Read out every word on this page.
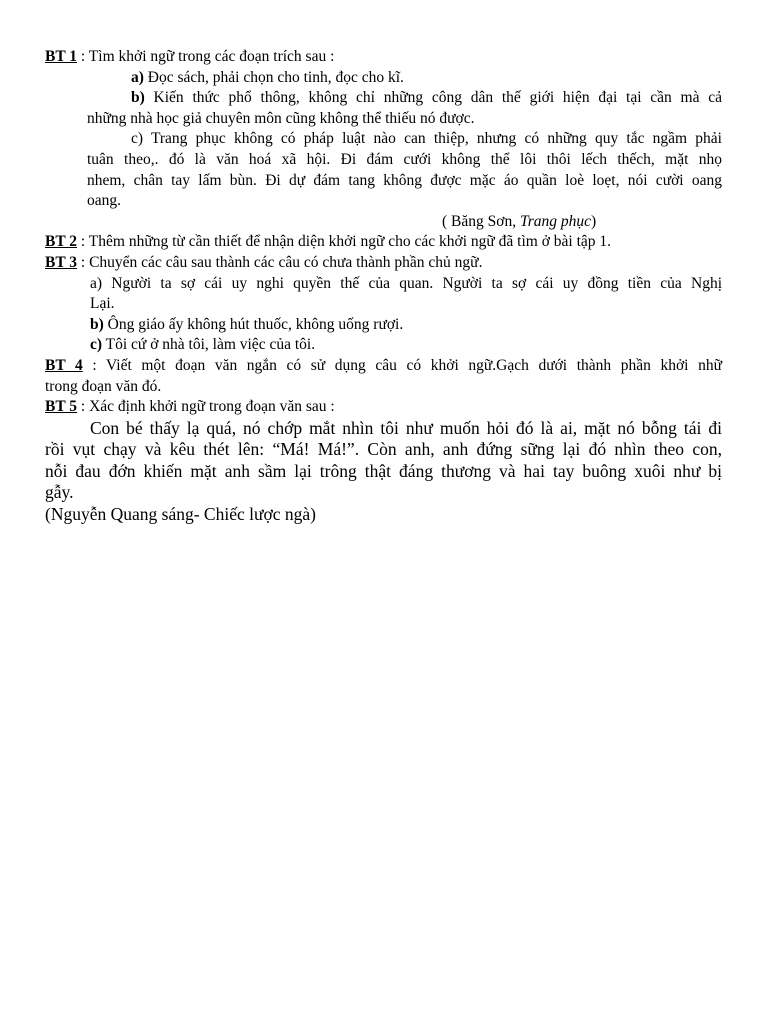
BT 1 : Tìm khởi ngữ trong các đoạn trích sau :
a) Đọc sách, phải chọn cho tinh, đọc cho kĩ.
b) Kiến thức phổ thông, không chỉ những công dân thế giới hiện đại tại cần mà cả
những nhà học giả chuyên môn cũng không thể thiếu nó được.
c) Trang phục không có pháp luật nào can thiệp, nhưng có những quy tắc ngầm phải
tuân theo,. đó là văn hoá xã hội. Đi đám cưới không thể lôi thôi lếch thếch, mặt nhọ
nhem, chân tay lấm bùn. Đi dự đám tang không được mặc áo quần loè loẹt, nói cười oang
oang.
( Băng Sơn, Trang phục)
BT 2 : Thêm những từ cần thiết để nhận diện khởi ngữ cho các khởi ngữ đã tìm ở bài tập 1.
BT 3 : Chuyển các câu sau thành các câu có chưa thành phần chủ ngữ.
a) Người ta sợ cái uy nghi quyền thế của quan. Người ta sợ cái uy đồng tiền của Nghị
Lại.
b) Ông giáo ấy không hút thuốc, không uống rượi.
c) Tôi cứ ở nhà tôi, làm việc của tôi.
BT 4 : Viết một đoạn văn ngắn có sử dụng câu có khởi ngữ.Gạch dưới thành phần khởi nhữ
trong đoạn văn đó.
BT 5 : Xác định khởi ngữ trong đoạn văn sau :
Con bé thấy lạ quá, nó chớp mắt nhìn tôi như muốn hỏi đó là ai, mặt nó bỗng tái đi
rồi vụt chạy và kêu thét lên: “Má! Má!”. Còn anh, anh đứng sững lại đó nhìn theo con,
nỗi đau đớn khiến mặt anh sầm lại trông thật đáng thương và hai tay buông xuôi như bị
gẫy.
(Nguyễn Quang sáng- Chiếc lược ngà)
